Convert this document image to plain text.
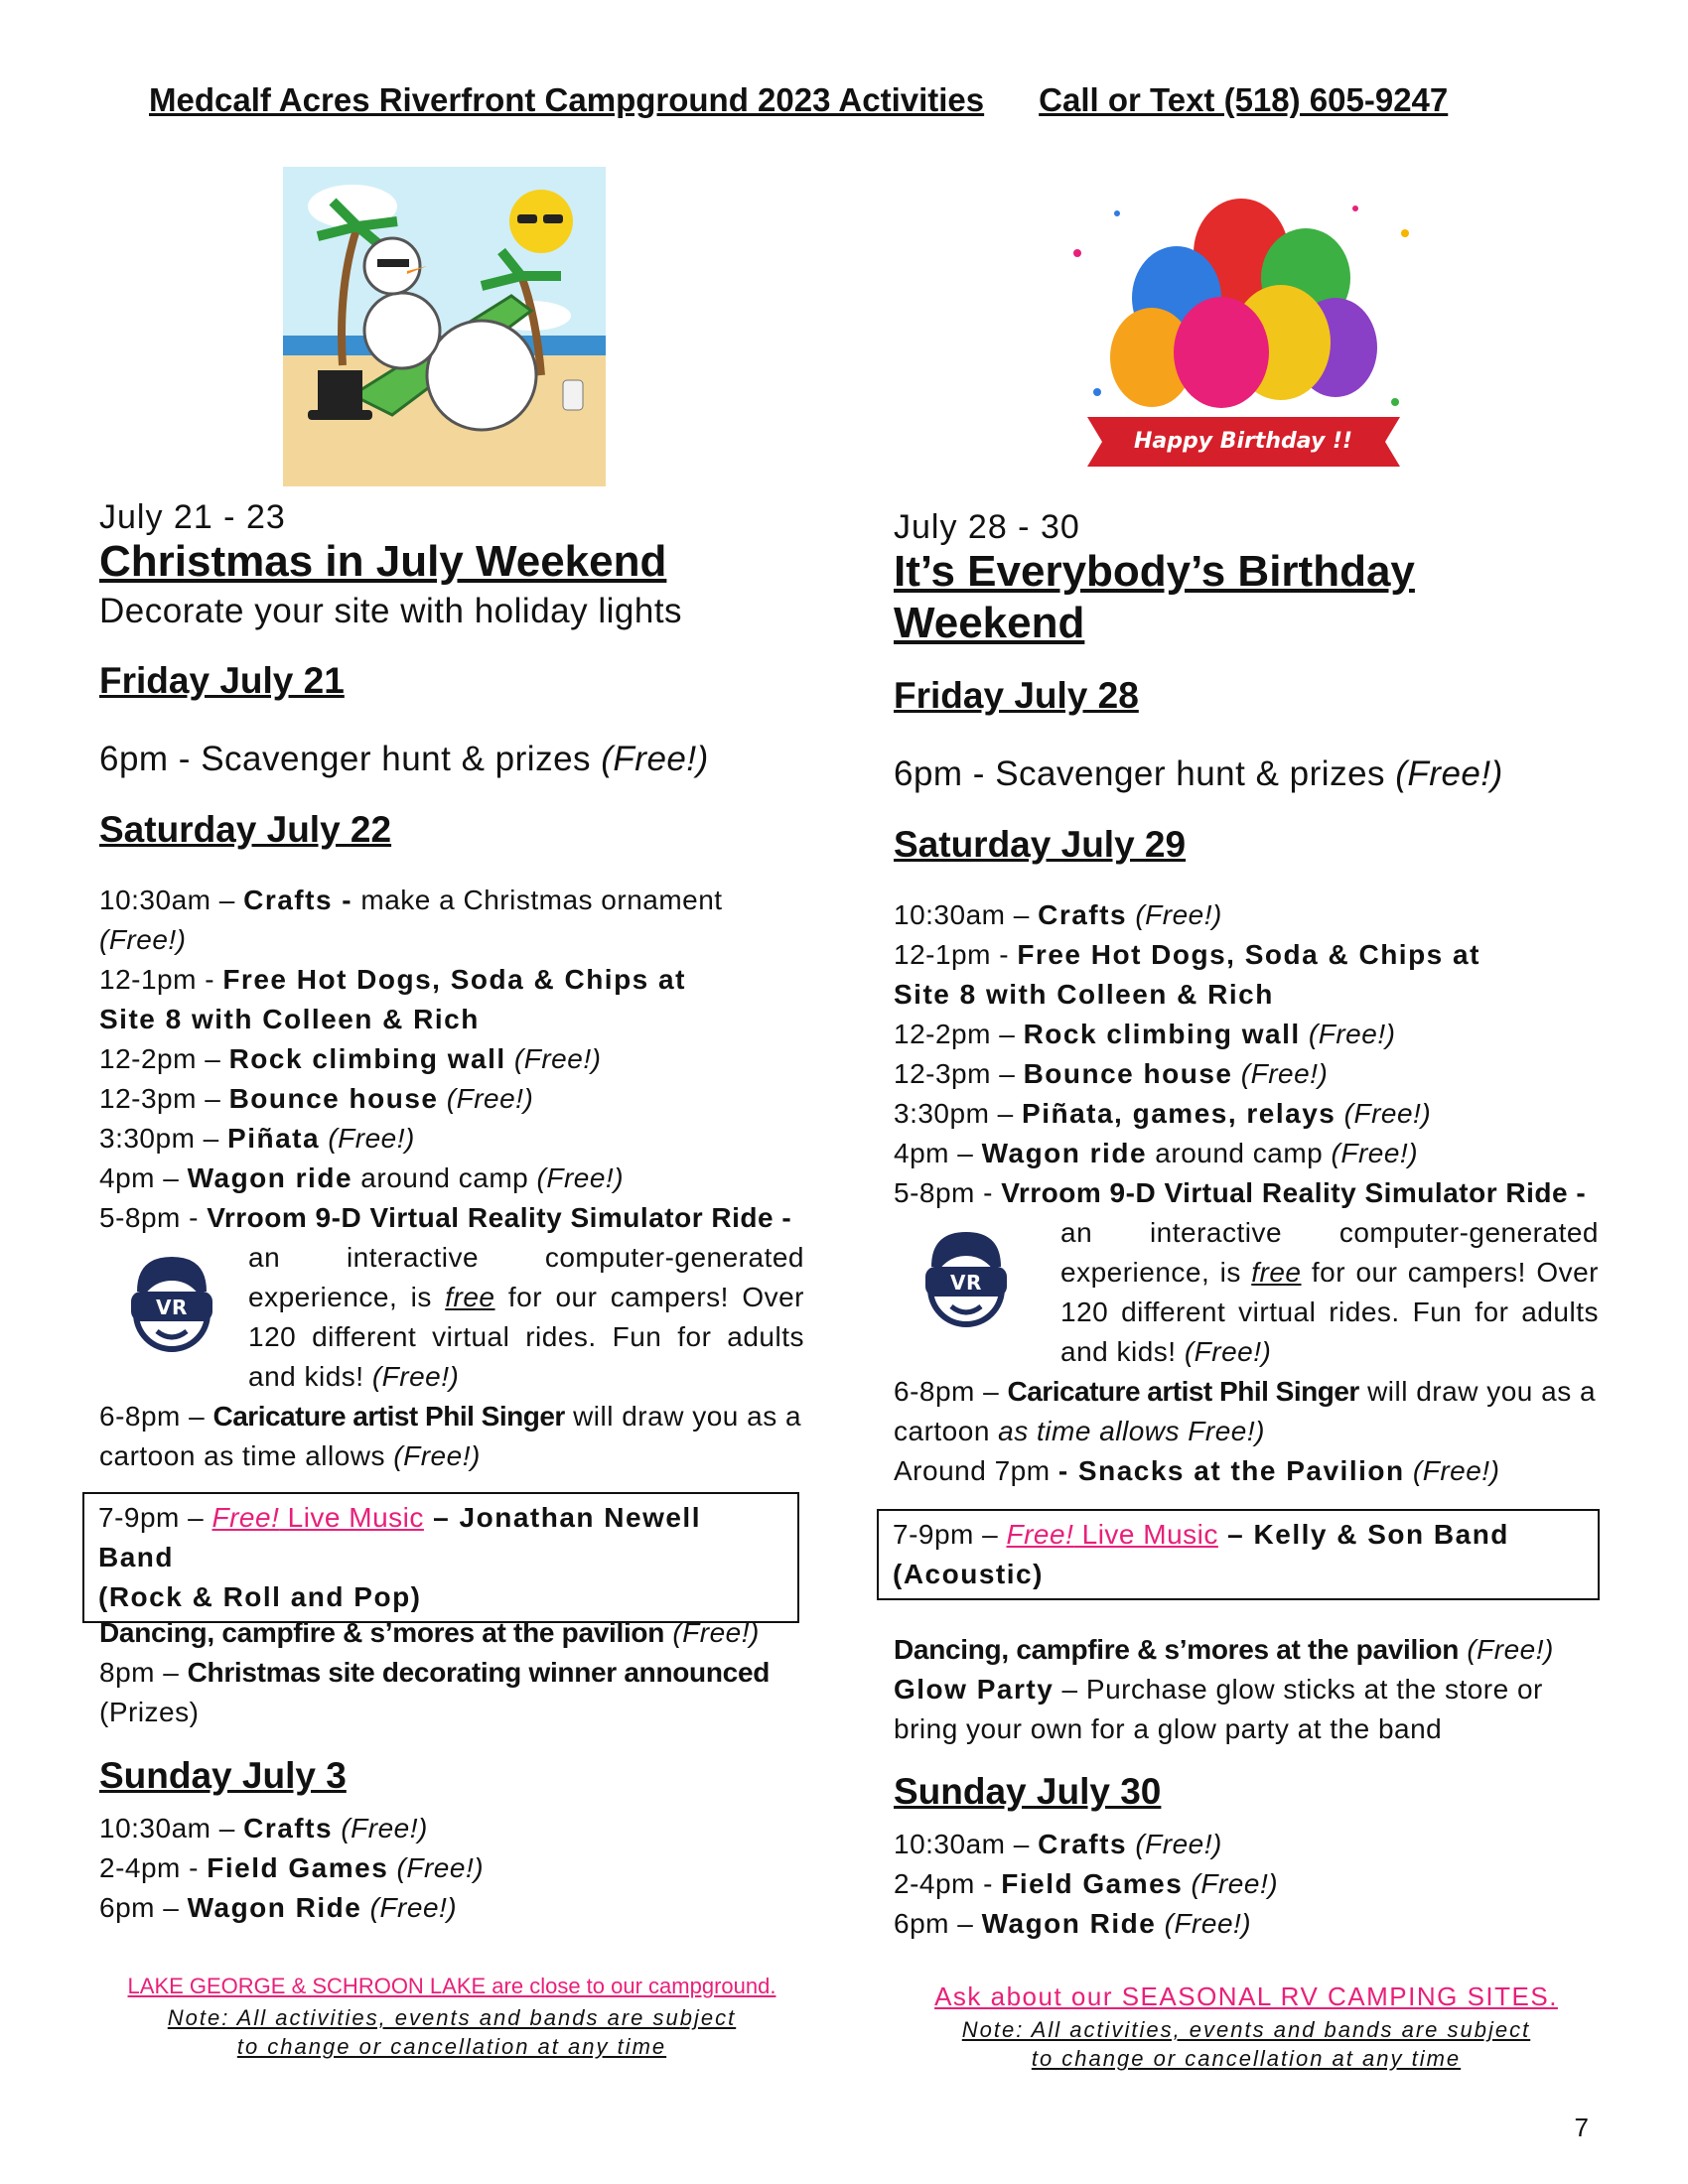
Medcalf Acres Riverfront Campground 2023 Activities Call or Text (518) 605-9247
Happy Birthday !!
July 21 - 23
Christmas in July Weekend
Decorate your site with holiday lights
Friday July 21
6pm - Scavenger hunt & prizes (Free!)
Saturday July 22
10:30am – Crafts - make a Christmas ornament
(Free!)
12-1pm - Free Hot Dogs, Soda & Chips at
Site 8 with Colleen & Rich
12-2pm – Rock climbing wall (Free!)
12-3pm – Bounce house (Free!)
3:30pm – Piñata (Free!)
4pm – Wagon ride around camp (Free!)
5-8pm - Vrroom 9-D Virtual Reality Simulator Ride -
VR
an interactive computer-generated experience, is free for our campers! Over 120 different virtual rides. Fun for adults and kids! (Free!)
6-8pm – Caricature artist Phil Singer will draw you as a cartoon as time allows (Free!)
7-9pm – Free! Live Music – Jonathan Newell Band
(Rock & Roll and Pop)
Dancing, campfire & s’mores at the pavilion (Free!)
8pm – Christmas site decorating winner announced
(Prizes)
Sunday July 3
10:30am – Crafts (Free!)
2-4pm - Field Games (Free!)
6pm – Wagon Ride (Free!)
LAKE GEORGE & SCHROON LAKE are close to our campground.
Note: All activities, events and bands are subject
to change or cancellation at any time
July 28 - 30
It’s Everybody’s Birthday Weekend
Friday July 28
6pm - Scavenger hunt & prizes (Free!)
Saturday July 29
10:30am – Crafts (Free!)
12-1pm - Free Hot Dogs, Soda & Chips at
Site 8 with Colleen & Rich
12-2pm – Rock climbing wall (Free!)
12-3pm – Bounce house (Free!)
3:30pm – Piñata, games, relays (Free!)
4pm – Wagon ride around camp (Free!)
5-8pm - Vrroom 9-D Virtual Reality Simulator Ride -
VR
an interactive computer-generated experience, is free for our campers! Over 120 different virtual rides. Fun for adults and kids! (Free!)
6-8pm – Caricature artist Phil Singer will draw you as a cartoon as time allows Free!)
Around 7pm - Snacks at the Pavilion (Free!)
7-9pm – Free! Live Music – Kelly & Son Band
(Acoustic)
Dancing, campfire & s’mores at the pavilion (Free!)
Glow Party – Purchase glow sticks at the store or bring your own for a glow party at the band
Sunday July 30
10:30am – Crafts (Free!)
2-4pm - Field Games (Free!)
6pm – Wagon Ride (Free!)
Ask about our SEASONAL RV CAMPING SITES.
Note: All activities, events and bands are subject
to change or cancellation at any time
7
